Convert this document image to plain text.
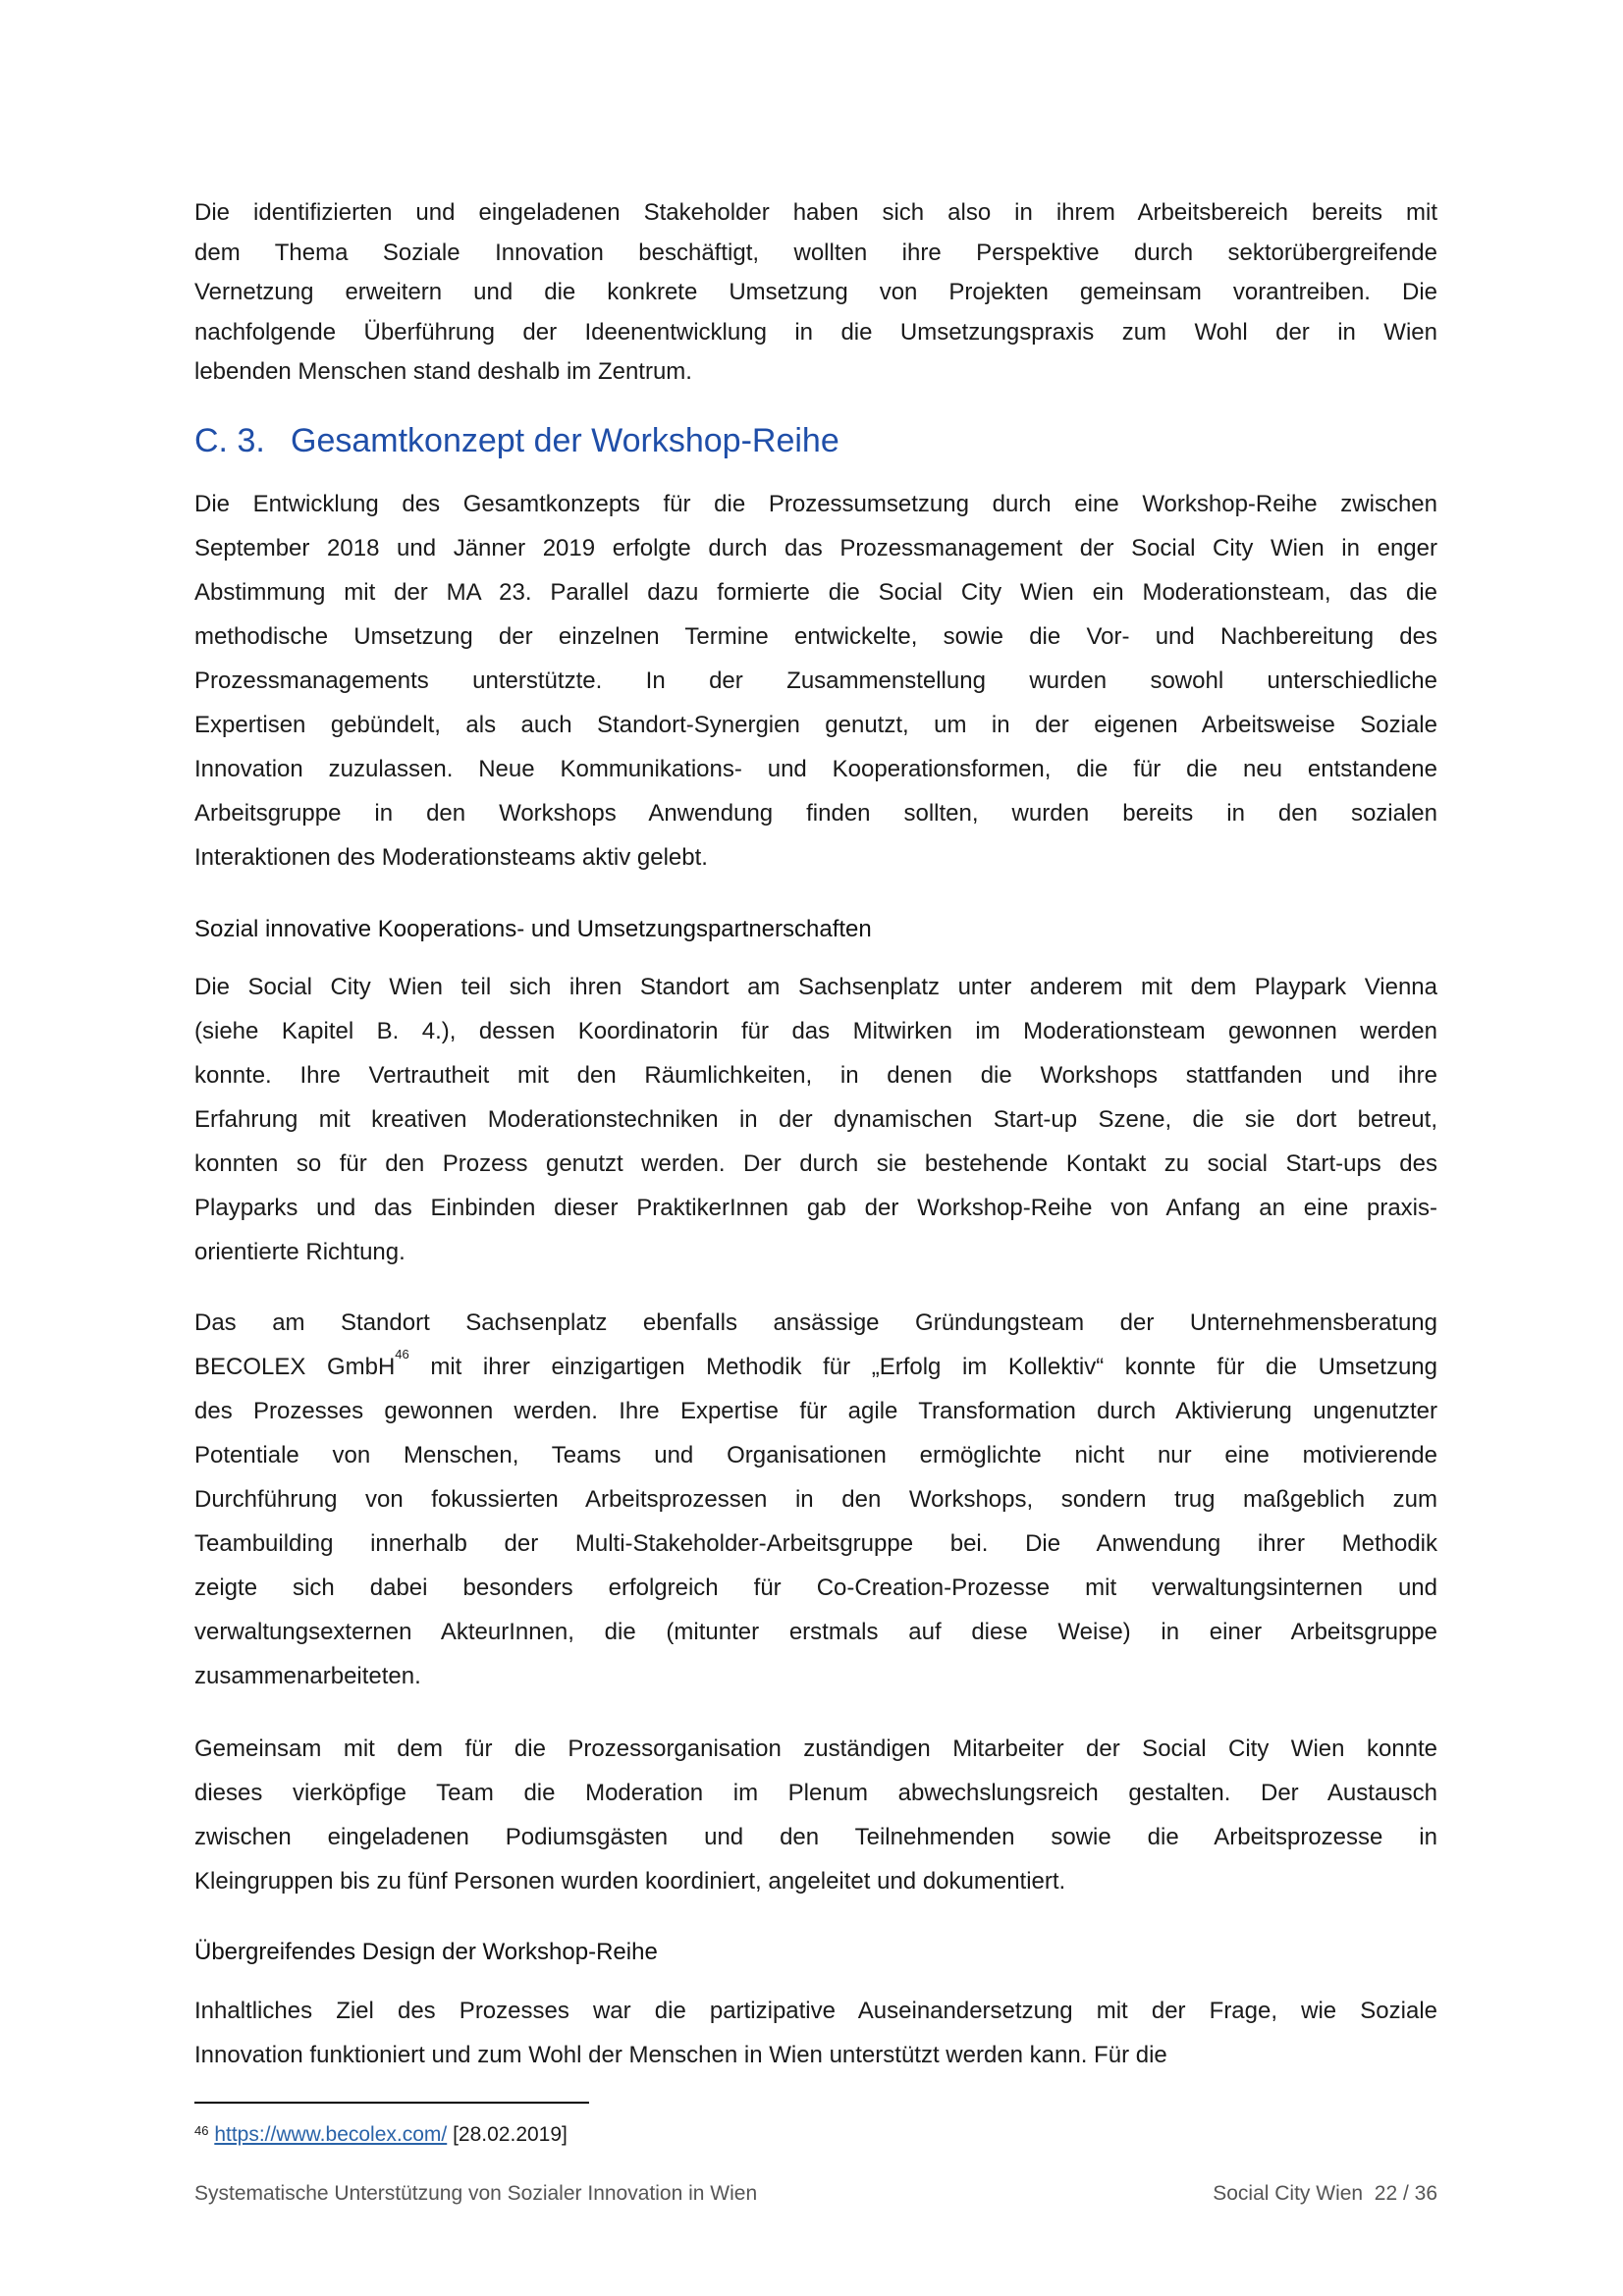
Die identifizierten und eingeladenen Stakeholder haben sich also in ihrem Arbeitsbereich bereits mit
dem Thema Soziale Innovation beschäftigt, wollten ihre Perspektive durch sektorübergreifende
Vernetzung erweitern und die konkrete Umsetzung von Projekten gemeinsam vorantreiben. Die
nachfolgende Überführung der Ideenentwicklung in die Umsetzungspraxis zum Wohl der in Wien
lebenden Menschen stand deshalb im Zentrum.
C. 3. Gesamtkonzept der Workshop-Reihe
Die Entwicklung des Gesamtkonzepts für die Prozessumsetzung durch eine Workshop-Reihe zwischen
September 2018 und Jänner 2019 erfolgte durch das Prozessmanagement der Social City Wien in enger
Abstimmung mit der MA 23. Parallel dazu formierte die Social City Wien ein Moderationsteam, das die
methodische Umsetzung der einzelnen Termine entwickelte, sowie die Vor- und Nachbereitung des
Prozessmanagements unterstützte. In der Zusammenstellung wurden sowohl unterschiedliche
Expertisen gebündelt, als auch Standort-Synergien genutzt, um in der eigenen Arbeitsweise Soziale
Innovation zuzulassen. Neue Kommunikations- und Kooperationsformen, die für die neu entstandene
Arbeitsgruppe in den Workshops Anwendung finden sollten, wurden bereits in den sozialen
Interaktionen des Moderationsteams aktiv gelebt.
Sozial innovative Kooperations- und Umsetzungspartnerschaften
Die Social City Wien teil sich ihren Standort am Sachsenplatz unter anderem mit dem Playpark Vienna
(siehe Kapitel B. 4.), dessen Koordinatorin für das Mitwirken im Moderationsteam gewonnen werden
konnte. Ihre Vertrautheit mit den Räumlichkeiten, in denen die Workshops stattfanden und ihre
Erfahrung mit kreativen Moderationstechniken in der dynamischen Start-up Szene, die sie dort betreut,
konnten so für den Prozess genutzt werden. Der durch sie bestehende Kontakt zu social Start-ups des
Playparks und das Einbinden dieser PraktikerInnen gab der Workshop-Reihe von Anfang an eine praxis-
orientierte Richtung.
Das am Standort Sachsenplatz ebenfalls ansässige Gründungsteam der Unternehmensberatung
BECOLEX GmbH$^{46}$ mit ihrer einzigartigen Methodik für „Erfolg im Kollektiv“ konnte für die Umsetzung
des Prozesses gewonnen werden. Ihre Expertise für agile Transformation durch Aktivierung ungenutzter
Potentiale von Menschen, Teams und Organisationen ermöglichte nicht nur eine motivierende
Durchführung von fokussierten Arbeitsprozessen in den Workshops, sondern trug maßgeblich zum
Teambuilding innerhalb der Multi-Stakeholder-Arbeitsgruppe bei. Die Anwendung ihrer Methodik
zeigte sich dabei besonders erfolgreich für Co-Creation-Prozesse mit verwaltungsinternen und
verwaltungsexternen AkteurInnen, die (mitunter erstmals auf diese Weise) in einer Arbeitsgruppe
zusammenarbeiteten.
Gemeinsam mit dem für die Prozessorganisation zuständigen Mitarbeiter der Social City Wien konnte
dieses vierköpfige Team die Moderation im Plenum abwechslungsreich gestalten. Der Austausch
zwischen eingeladenen Podiumsgästen und den Teilnehmenden sowie die Arbeitsprozesse in
Kleingruppen bis zu fünf Personen wurden koordiniert, angeleitet und dokumentiert.
Übergreifendes Design der Workshop-Reihe
Inhaltliches Ziel des Prozesses war die partizipative Auseinandersetzung mit der Frage, wie Soziale
Innovation funktioniert und zum Wohl der Menschen in Wien unterstützt werden kann. Für die
$^{46}$ https://www.becolex.com/ [28.02.2019]
Systematische Unterstützung von Sozialer Innovation in Wien	Social City Wien  22 / 36
